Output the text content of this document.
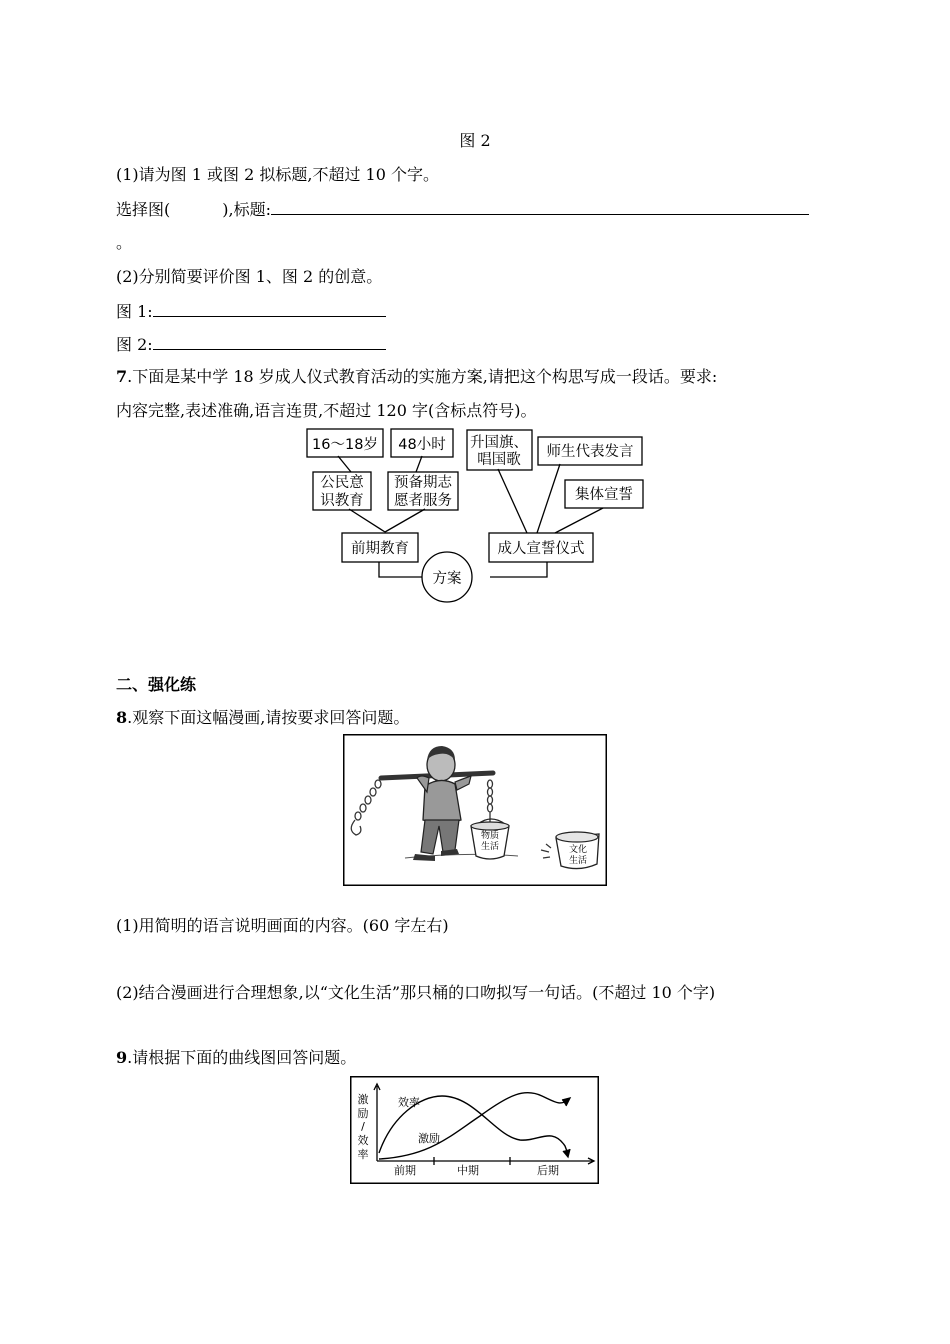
图 2
(1)请为图 1 或图 2 拟标题,不超过 10 个字。
选择图(	),标题:
。
(2)分别简要评价图 1、图 2 的创意。
图 1:
图 2:
7.下面是某中学 18 岁成人仪式教育活动的实施方案,请把这个构思写成一段话。要求:
内容完整,表述准确,语言连贯,不超过 120 字(含标点符号)。
16～18岁 48小时
公民意
识教育
预备期志
愿者服务
前期教育
升国旗、
唱国歌 师生代表发言
集体宣誓
成人宣誓仪式
方案
二、强化练
8.观察下面这幅漫画,请按要求回答问题。
物质
生活	文化
生活
(1)用简明的语言说明画面的内容。(60 字左右)
(2)结合漫画进行合理想象,以“文化生活”那只桶的口吻拟写一句话。(不超过 10 个字)
9.请根据下面的曲线图回答问题。
激
励
/
效
率
效率
激励
前期	中期	后期
